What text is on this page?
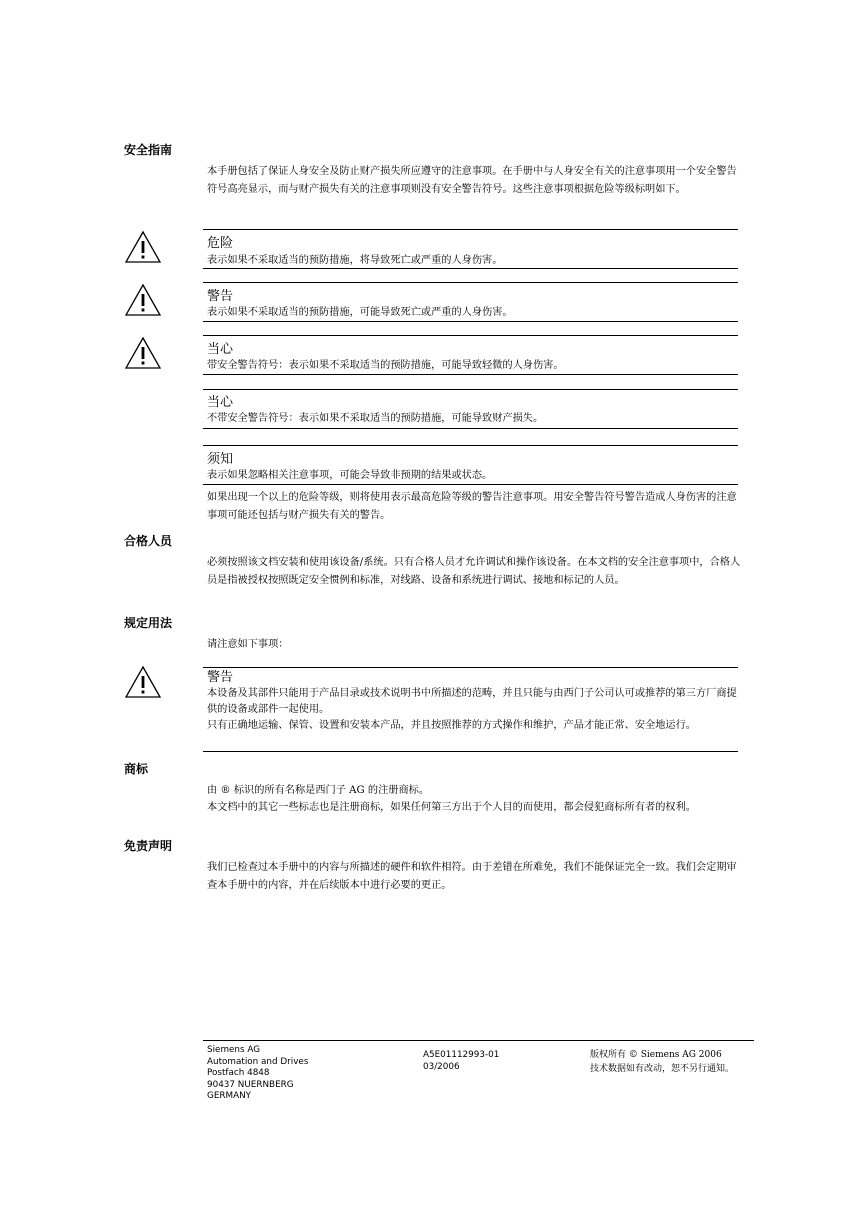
安全指南

本手册包括了保证人身安全及防止财产损失所应遵守的注意事项。在手册中与人身安全有关的注意事项用一个安全警告符号高亮显示，而与财产损失有关的注意事项则没有安全警告符号。这些注意事项根据危险等级标明如下。

危险
表示如果不采取适当的预防措施，将导致死亡或严重的人身伤害。
警告
表示如果不采取适当的预防措施，可能导致死亡或严重的人身伤害。
当心
带安全警告符号：表示如果不采取适当的预防措施，可能导致轻微的人身伤害。
当心
不带安全警告符号：表示如果不采取适当的预防措施，可能导致财产损失。
须知
表示如果忽略相关注意事项，可能会导致非预期的结果或状态。

如果出现一个以上的危险等级，则将使用表示最高危险等级的警告注意事项。用安全警告符号警告造成人身伤害的注意事项可能还包括与财产损失有关的警告。

合格人员

必须按照该文档安装和使用该设备/系统。只有合格人员才允许调试和操作该设备。在本文档的安全注意事项中，合格人员是指被授权按照既定安全惯例和标准，对线路、设备和系统进行调试、接地和标记的人员。

规定用法

请注意如下事项：

警告
本设备及其部件只能用于产品目录或技术说明书中所描述的范畴，并且只能与由西门子公司认可或推荐的第三方厂商提供的设备或部件一起使用。
只有正确地运输、保管、设置和安装本产品，并且按照推荐的方式操作和维护，产品才能正常、安全地运行。
商标

由 ® 标识的所有名称是西门子 AG 的注册商标。

本文档中的其它一些标志也是注册商标，如果任何第三方出于个人目的而使用，都会侵犯商标所有者的权利。

免责声明

我们已检查过本手册中的内容与所描述的硬件和软件相符。由于差错在所难免，我们不能保证完全一致。我们会定期审查本手册中的内容，并在后续版本中进行必要的更正。

Siemens AG
Automation and Drives
Postfach 4848
90437 NUERNBERG
GERMANY
A5E01112993-01
03/2006
版权所有 © Siemens AG 2006
技术数据如有改动，恕不另行通知。
